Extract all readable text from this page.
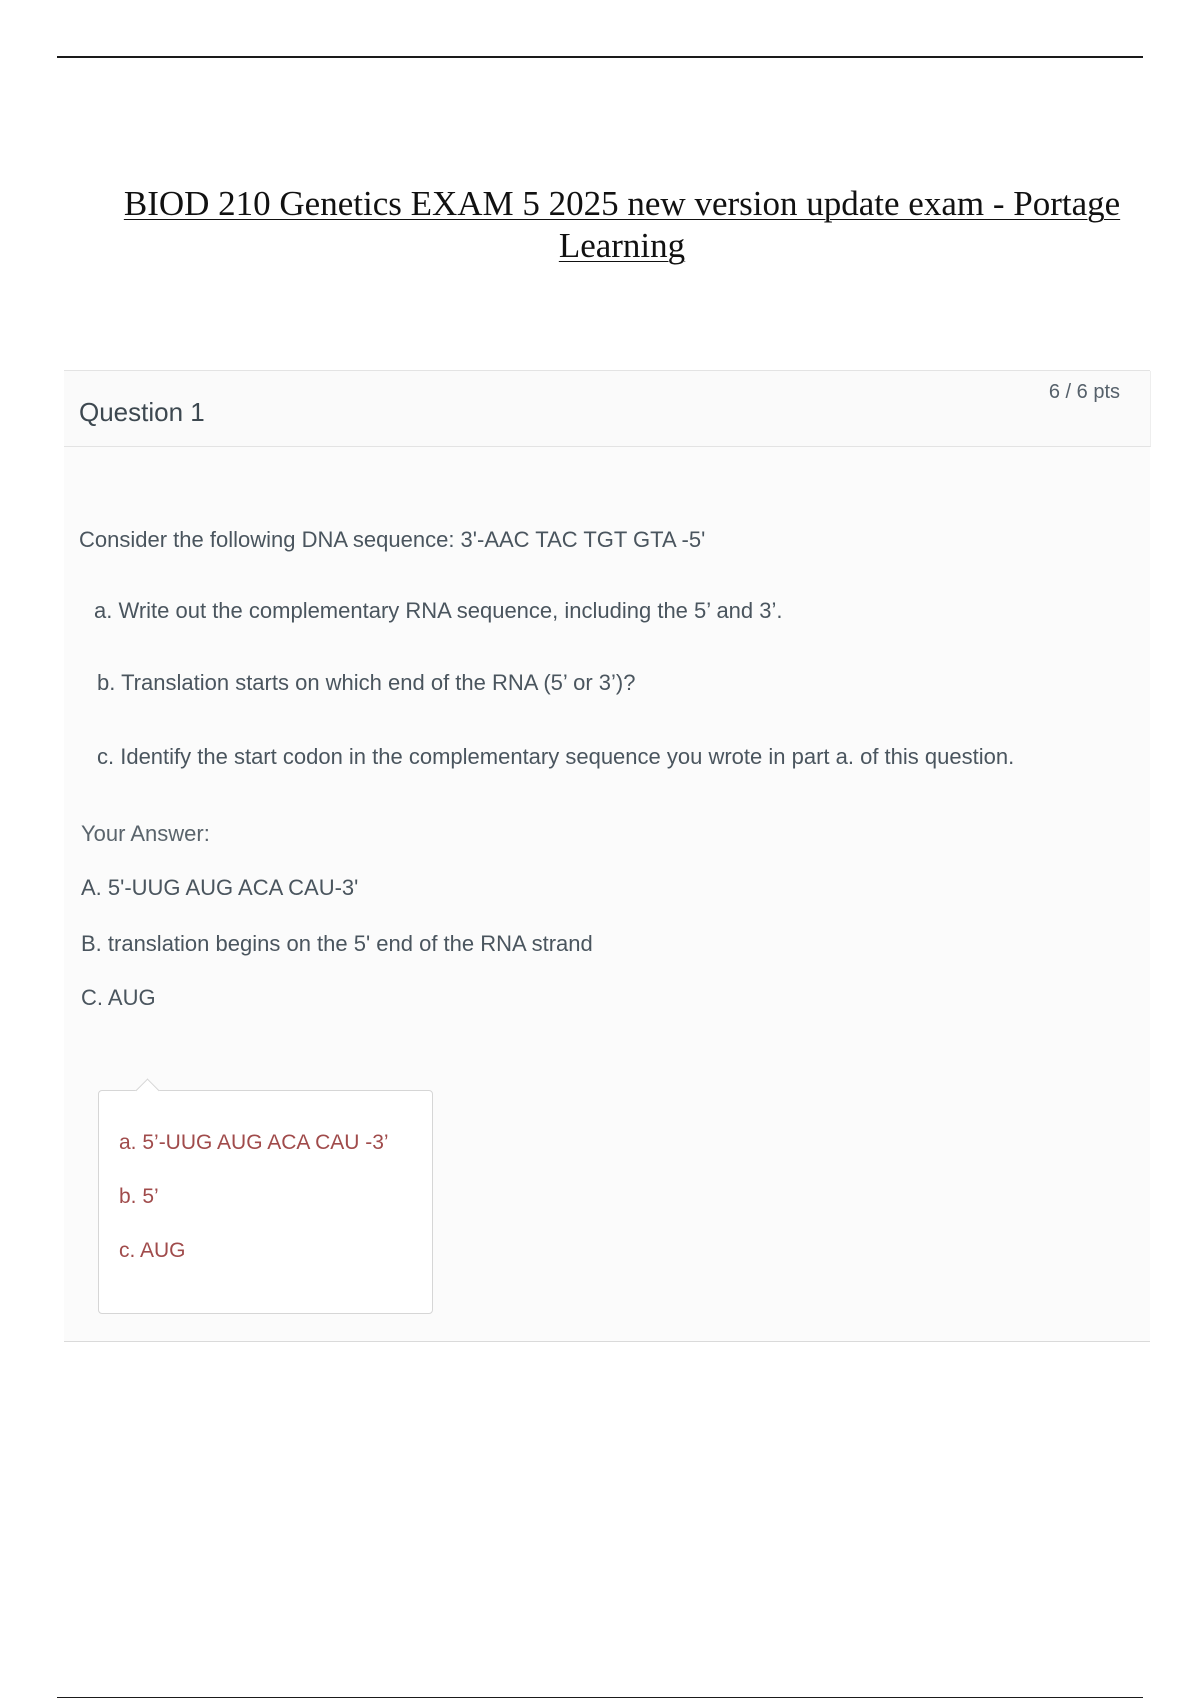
BIOD 210 Genetics EXAM 5 2025 new version update exam - Portage Learning
Question 1
6 / 6 pts
Consider the following DNA sequence: 3'-AAC TAC TGT GTA -5'
a. Write out the complementary RNA sequence, including the 5’ and 3’.
b. Translation starts on which end of the RNA (5’ or 3’)?
c. Identify the start codon in the complementary sequence you wrote in part a. of this question.
Your Answer:
A. 5'-UUG AUG ACA CAU-3'
B. translation begins on the 5' end of the RNA strand
C. AUG
a. 5’-UUG AUG ACA CAU -3’
b. 5’
c. AUG
